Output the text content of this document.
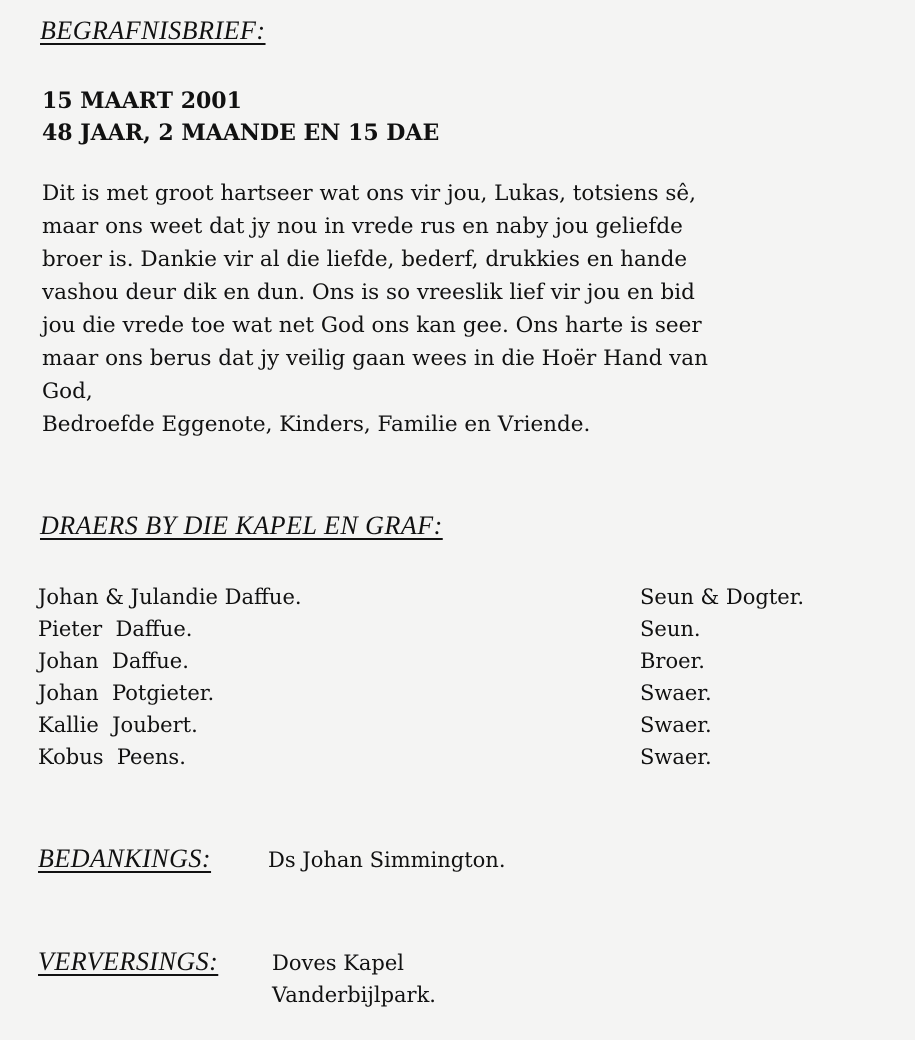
BEGRAFNISBRIEF:
15 MAART 2001
48 JAAR, 2 MAANDE EN 15 DAE
Dit is met groot hartseer wat ons vir jou, Lukas, totsiens sê,
maar ons weet dat jy nou in vrede rus en naby jou geliefde
broer is. Dankie vir al die liefde, bederf, drukkies en hande
vashou deur dik en dun. Ons is so vreeslik lief vir jou en bid
jou die vrede toe wat net God ons kan gee. Ons harte is seer
maar ons berus dat jy veilig gaan wees in die Hoër Hand van
God,
Bedroefde Eggenote, Kinders, Familie en Vriende.
DRAERS BY DIE KAPEL EN GRAF:
Johan & Julandie Daffue.	Seun & Dogter.
Pieter  Daffue.	Seun.
Johan  Daffue.	Broer.
Johan  Potgieter.	Swaer.
Kallie  Joubert.	Swaer.
Kobus  Peens.	Swaer.
BEDANKINGS:	Ds Johan Simmington.
VERVERSINGS:	Doves Kapel
Vanderbijlpark.
